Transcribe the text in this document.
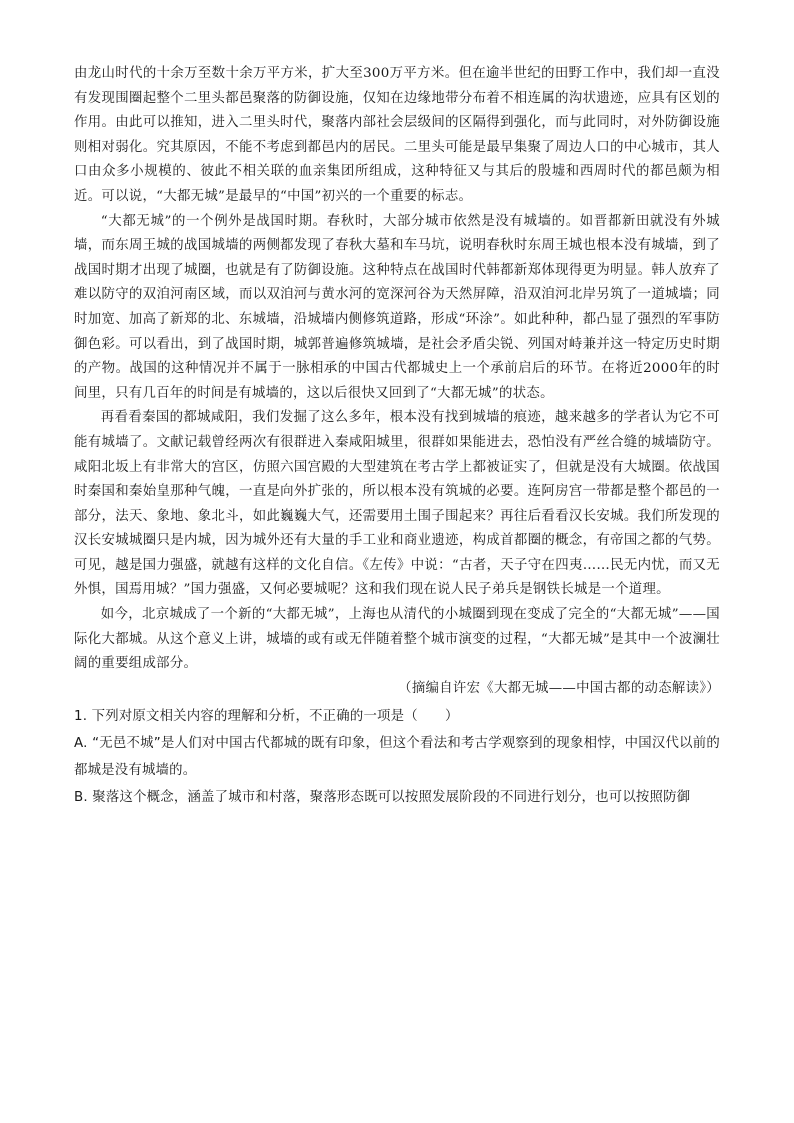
由龙山时代的十余万至数十余万平方米，扩大至300万平方米。但在逾半世纪的田野工作中，我们却一直没有发现围圈起整个二里头都邑聚落的防御设施，仅知在边缘地带分布着不相连属的沟状遗迹，应具有区划的作用。由此可以推知，进入二里头时代，聚落内部社会层级间的区隔得到强化，而与此同时，对外防御设施则相对弱化。究其原因，不能不考虑到都邑内的居民。二里头可能是最早集聚了周边人口的中心城市，其人口由众多小规模的、彼此不相关联的血亲集团所组成，这种特征又与其后的殷墟和西周时代的都邑颇为相近。可以说，“大都无城”是最早的“中国”初兴的一个重要的标志。

“大都无城”的一个例外是战国时期。春秋时，大部分城市依然是没有城墙的。如晋都新田就没有外城墙，而东周王城的战国城墙的两侧都发现了春秋大墓和车马坑，说明春秋时东周王城也根本没有城墙，到了战国时期才出现了城圈，也就是有了防御设施。这种特点在战国时代韩都新郑体现得更为明显。韩人放弃了难以防守的双洎河南区域，而以双洎河与黄水河的宽深河谷为天然屏障，沿双洎河北岸另筑了一道城墙；同时加宽、加高了新郑的北、东城墙，沿城墙内侧修筑道路，形成“环涂”。如此种种，都凸显了强烈的军事防御色彩。可以看出，到了战国时期，城郭普遍修筑城墙，是社会矛盾尖锐、列国对峙兼并这一特定历史时期的产物。战国的这种情况并不属于一脉相承的中国古代都城史上一个承前启后的环节。在将近2000年的时间里，只有几百年的时间是有城墙的，这以后很快又回到了“大都无城”的状态。

再看看秦国的都城咸阳，我们发掘了这么多年，根本没有找到城墙的痕迹，越来越多的学者认为它不可能有城墙了。文献记载曾经两次有很群进入秦咸阳城里，很群如果能进去，恐怕没有严丝合缝的城墙防守。咸阳北坂上有非常大的宫区，仿照六国宫殿的大型建筑在考古学上都被证实了，但就是没有大城圈。依战国时秦国和秦始皇那种气魄，一直是向外扩张的，所以根本没有筑城的必要。连阿房宫一带都是整个都邑的一部分，法天、象地、象北斗，如此巍巍大气，还需要用土围子围起来？再往后看看汉长安城。我们所发现的汉长安城城圈只是内城，因为城外还有大量的手工业和商业遗迹，构成首都圈的概念，有帝国之都的气势。可见，越是国力强盛，就越有这样的文化自信。《左传》中说：“古者，天子守在四夷……民无内忧，而又无外惧，国焉用城？”国力强盛，又何必要城呢？这和我们现在说人民子弟兵是钢铁长城是一个道理。

如今，北京城成了一个新的“大都无城”，上海也从清代的小城圈到现在变成了完全的“大都无城”——国际化大都城。从这个意义上讲，城墙的或有或无伴随着整个城市演变的过程，“大都无城”是其中一个波澜壮阔的重要组成部分。

（摘编自许宏《大都无城——中国古都的动态解读》）

1. 下列对原文相关内容的理解和分析，不正确的一项是（　　）

A. “无邑不城”是人们对中国古代都城的既有印象，但这个看法和考古学观察到的现象相悖，中国汉代以前的都城是没有城墙的。

B. 聚落这个概念，涵盖了城市和村落，聚落形态既可以按照发展阶段的不同进行划分，也可以按照防御
